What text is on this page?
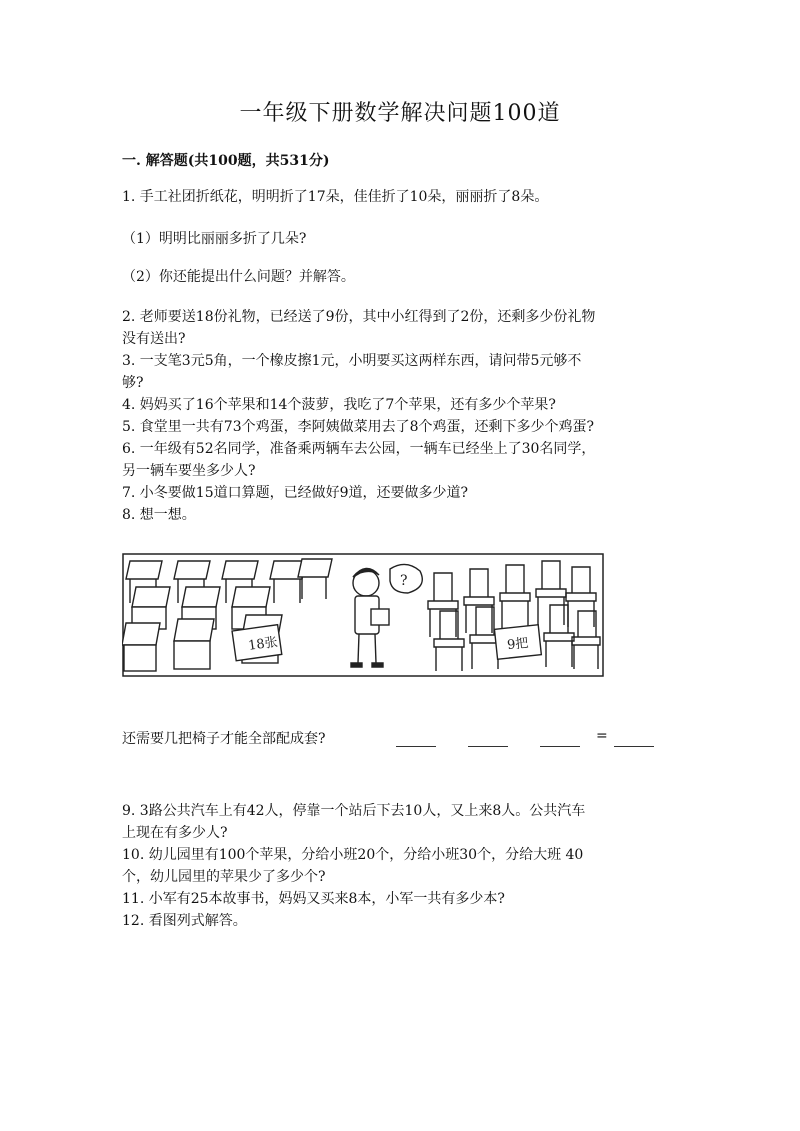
一年级下册数学解决问题100道
一. 解答题(共100题，共531分)
1. 手工社团折纸花，明明折了17朵，佳佳折了10朵，丽丽折了8朵。
（1）明明比丽丽多折了几朵?
（2）你还能提出什么问题？并解答。
2. 老师要送18份礼物，已经送了9份，其中小红得到了2份，还剩多少份礼物
没有送出?
3. 一支笔3元5角，一个橡皮擦1元，小明要买这两样东西，请问带5元够不
够?
4. 妈妈买了16个苹果和14个菠萝，我吃了7个苹果，还有多少个苹果?
5. 食堂里一共有73个鸡蛋，李阿姨做菜用去了8个鸡蛋，还剩下多少个鸡蛋?
6. 一年级有52名同学，准备乘两辆车去公园，一辆车已经坐上了30名同学，
另一辆车要坐多少人?
7. 小冬要做15道口算题，已经做好9道，还要做多少道?
8. 想一想。
18张
?
9把
还需要几把椅子才能全部配成套?	=
9. 3路公共汽车上有42人，停靠一个站后下去10人，又上来8人。公共汽车
上现在有多少人?
10. 幼儿园里有100个苹果，分给小班20个，分给小班30个，分给大班 40
个，幼儿园里的苹果少了多少个?
11. 小军有25本故事书，妈妈又买来8本，小军一共有多少本?
12. 看图列式解答。
